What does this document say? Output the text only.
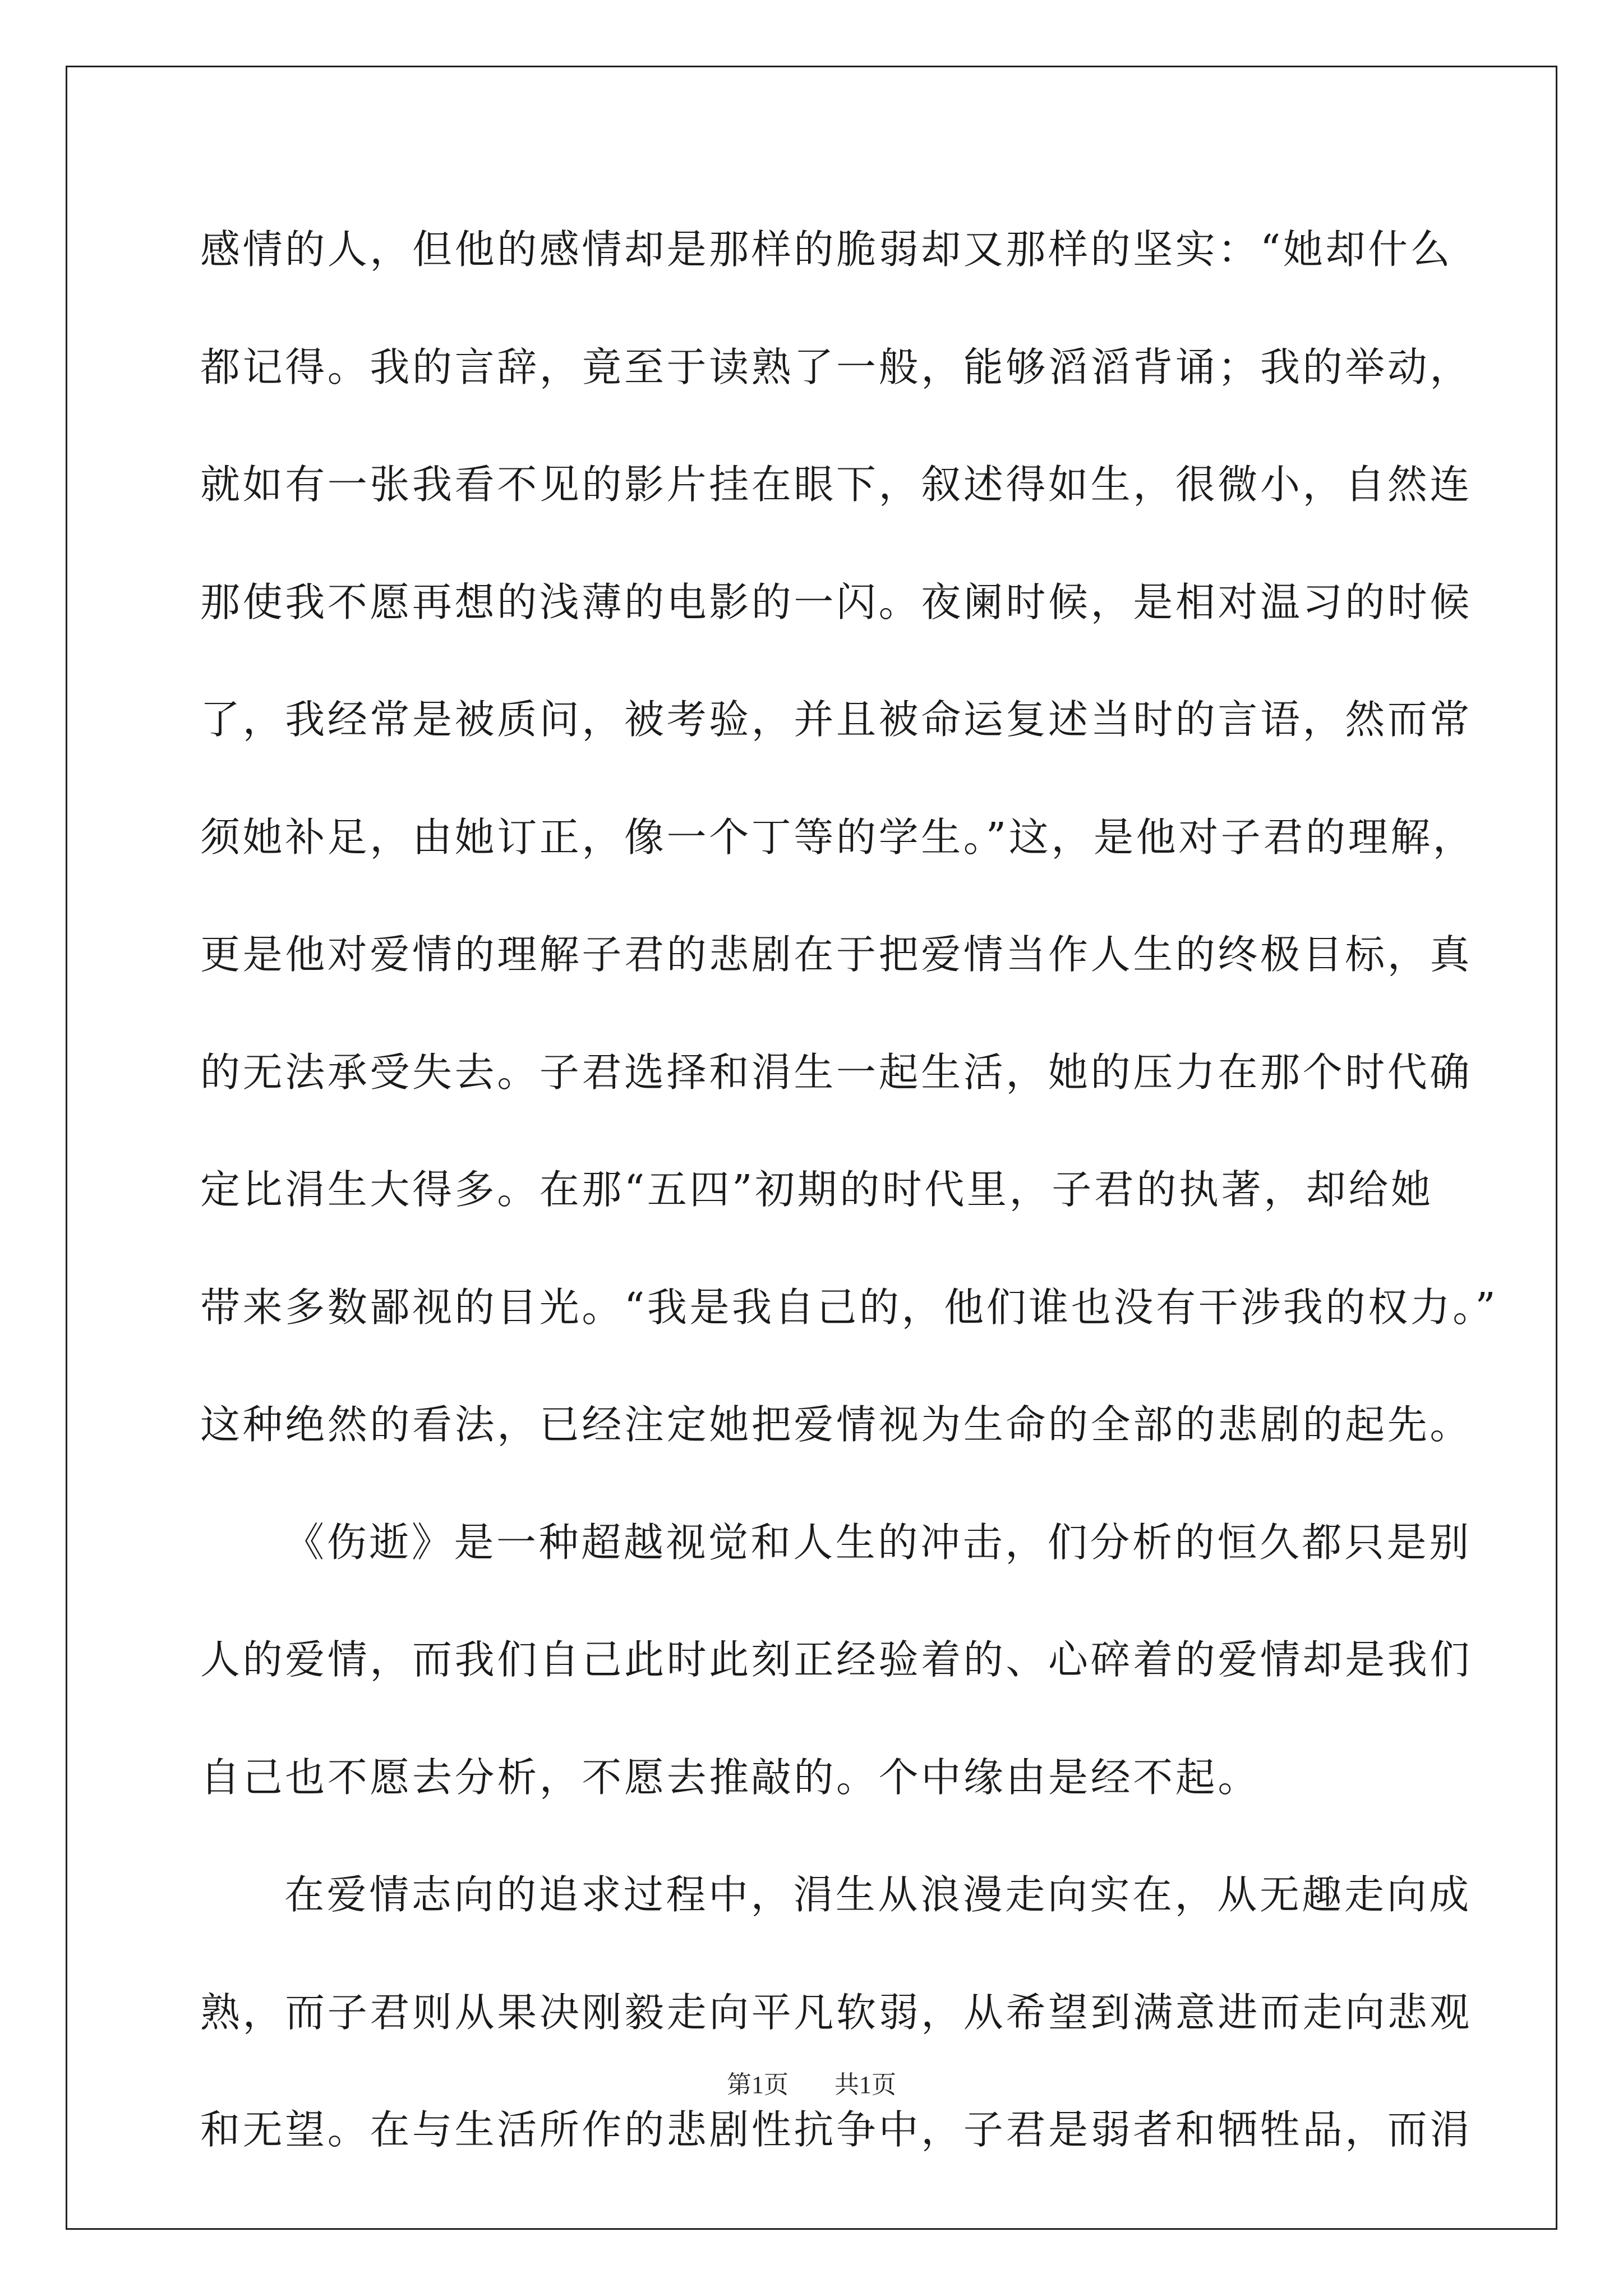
感情的人，但他的感情却是那样的脆弱却又那样的坚实：“她却什么
都记得。我的言辞，竟至于读熟了一般，能够滔滔背诵；我的举动，
就如有一张我看不见的影片挂在眼下，叙述得如生，很微小，自然连
那使我不愿再想的浅薄的电影的一闪。夜阑时候，是相对温习的时候
了，我经常是被质问，被考验，并且被命运复述当时的言语，然而常
须她补足，由她订正，像一个丁等的学生。”这，是他对子君的理解，
更是他对爱情的理解子君的悲剧在于把爱情当作人生的终极目标，真
的无法承受失去。子君选择和涓生一起生活，她的压力在那个时代确
定比涓生大得多。在那“五四”初期的时代里，子君的执著，却给她
带来多数鄙视的目光。“我是我自己的，他们谁也没有干涉我的权力。”
这种绝然的看法，已经注定她把爱情视为生命的全部的悲剧的起先。
《伤逝》是一种超越视觉和人生的冲击，们分析的恒久都只是别
人的爱情，而我们自己此时此刻正经验着的、心碎着的爱情却是我们
自己也不愿去分析，不愿去推敲的。个中缘由是经不起。
在爱情志向的追求过程中，涓生从浪漫走向实在，从无趣走向成
熟，而子君则从果决刚毅走向平凡软弱，从希望到满意进而走向悲观
和无望。在与生活所作的悲剧性抗争中，子君是弱者和牺牲品，而涓
第1页 共1页
